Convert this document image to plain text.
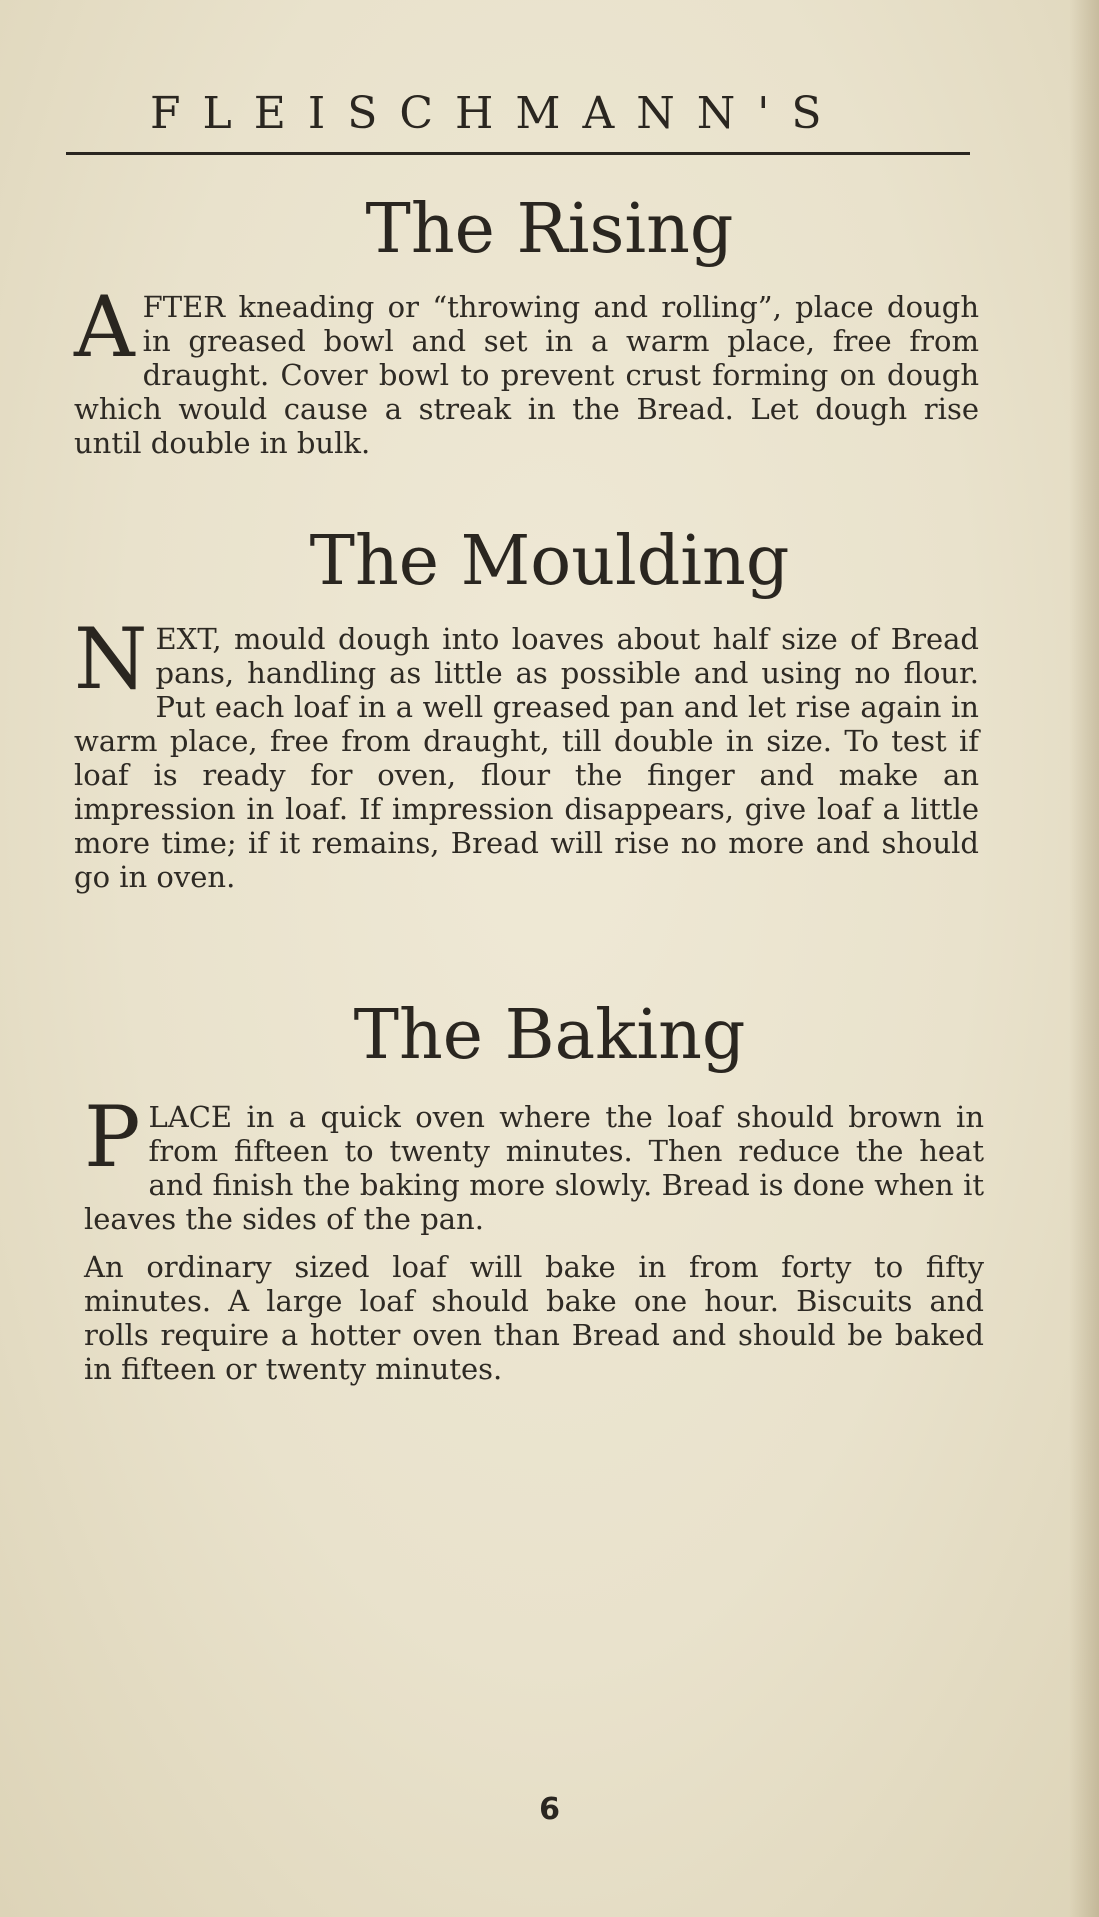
FLEISCHMANN'S
The Rising

AFTER kneading or “throwing and rolling”, place dough in greased bowl and set in a warm place, free from draught. Cover bowl to prevent crust forming on dough which would cause a streak in the Bread. Let dough rise until double in bulk.

The Moulding

NEXT, mould dough into loaves about half size of Bread pans, handling as little as possible and using no flour. Put each loaf in a well greased pan and let rise again in warm place, free from draught, till double in size. To test if loaf is ready for oven, flour the finger and make an impression in loaf. If impression disappears, give loaf a little more time; if it remains, Bread will rise no more and should go in oven.

The Baking

PLACE in a quick oven where the loaf should brown in from fifteen to twenty minutes. Then reduce the heat and finish the baking more slowly. Bread is done when it leaves the sides of the pan.

An ordinary sized loaf will bake in from forty to fifty minutes. A large loaf should bake one hour. Biscuits and rolls require a hotter oven than Bread and should be baked in fifteen or twenty minutes.

6
